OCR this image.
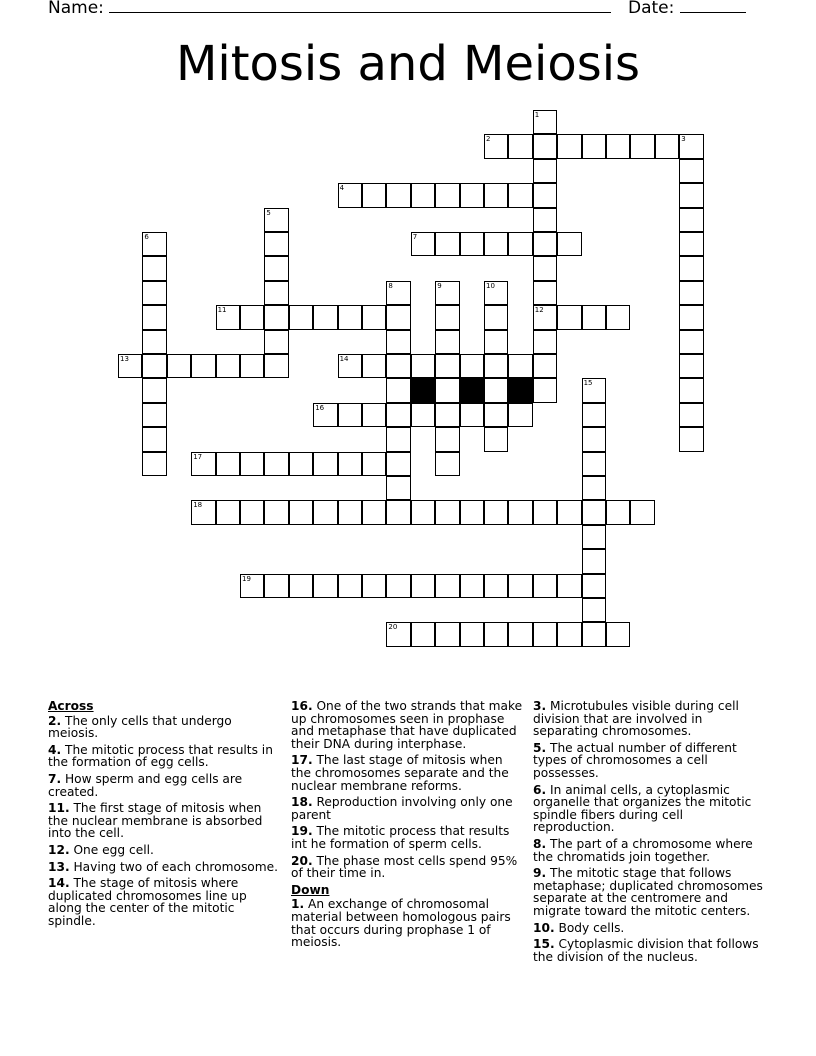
Name:	Date:
Mitosis and Meiosis
1
12
2	3
4
5
6	7
8	9	10
11
13	14
15
16
17
18
19
20
Across
2. The only cells that undergo meiosis.
4. The mitotic process that results in the formation of egg cells.
7. How sperm and egg cells are created.
11. The first stage of mitosis when the nuclear membrane is absorbed into the cell.
12. One egg cell.
13. Having two of each chromosome.
14. The stage of mitosis where duplicated chromosomes line up along the center of the mitotic spindle.
16. One of the two strands that make up chromosomes seen in prophase and metaphase that have duplicated their DNA during interphase.
17. The last stage of mitosis when the chromosomes separate and the nuclear membrane reforms.
18. Reproduction involving only one parent
19. The mitotic process that results int he formation of sperm cells.
20. The phase most cells spend 95% of their time in.
Down
1. An exchange of chromosomal material between homologous pairs that occurs during prophase 1 of meiosis.
3. Microtubules visible during cell division that are involved in separating chromosomes.
5. The actual number of different types of chromosomes a cell possesses.
6. In animal cells, a cytoplasmic organelle that organizes the mitotic spindle fibers during cell reproduction.
8. The part of a chromosome where the chromatids join together.
9. The mitotic stage that follows metaphase; duplicated chromosomes separate at the centromere and migrate toward the mitotic centers.
10. Body cells.
15. Cytoplasmic division that follows the division of the nucleus.
